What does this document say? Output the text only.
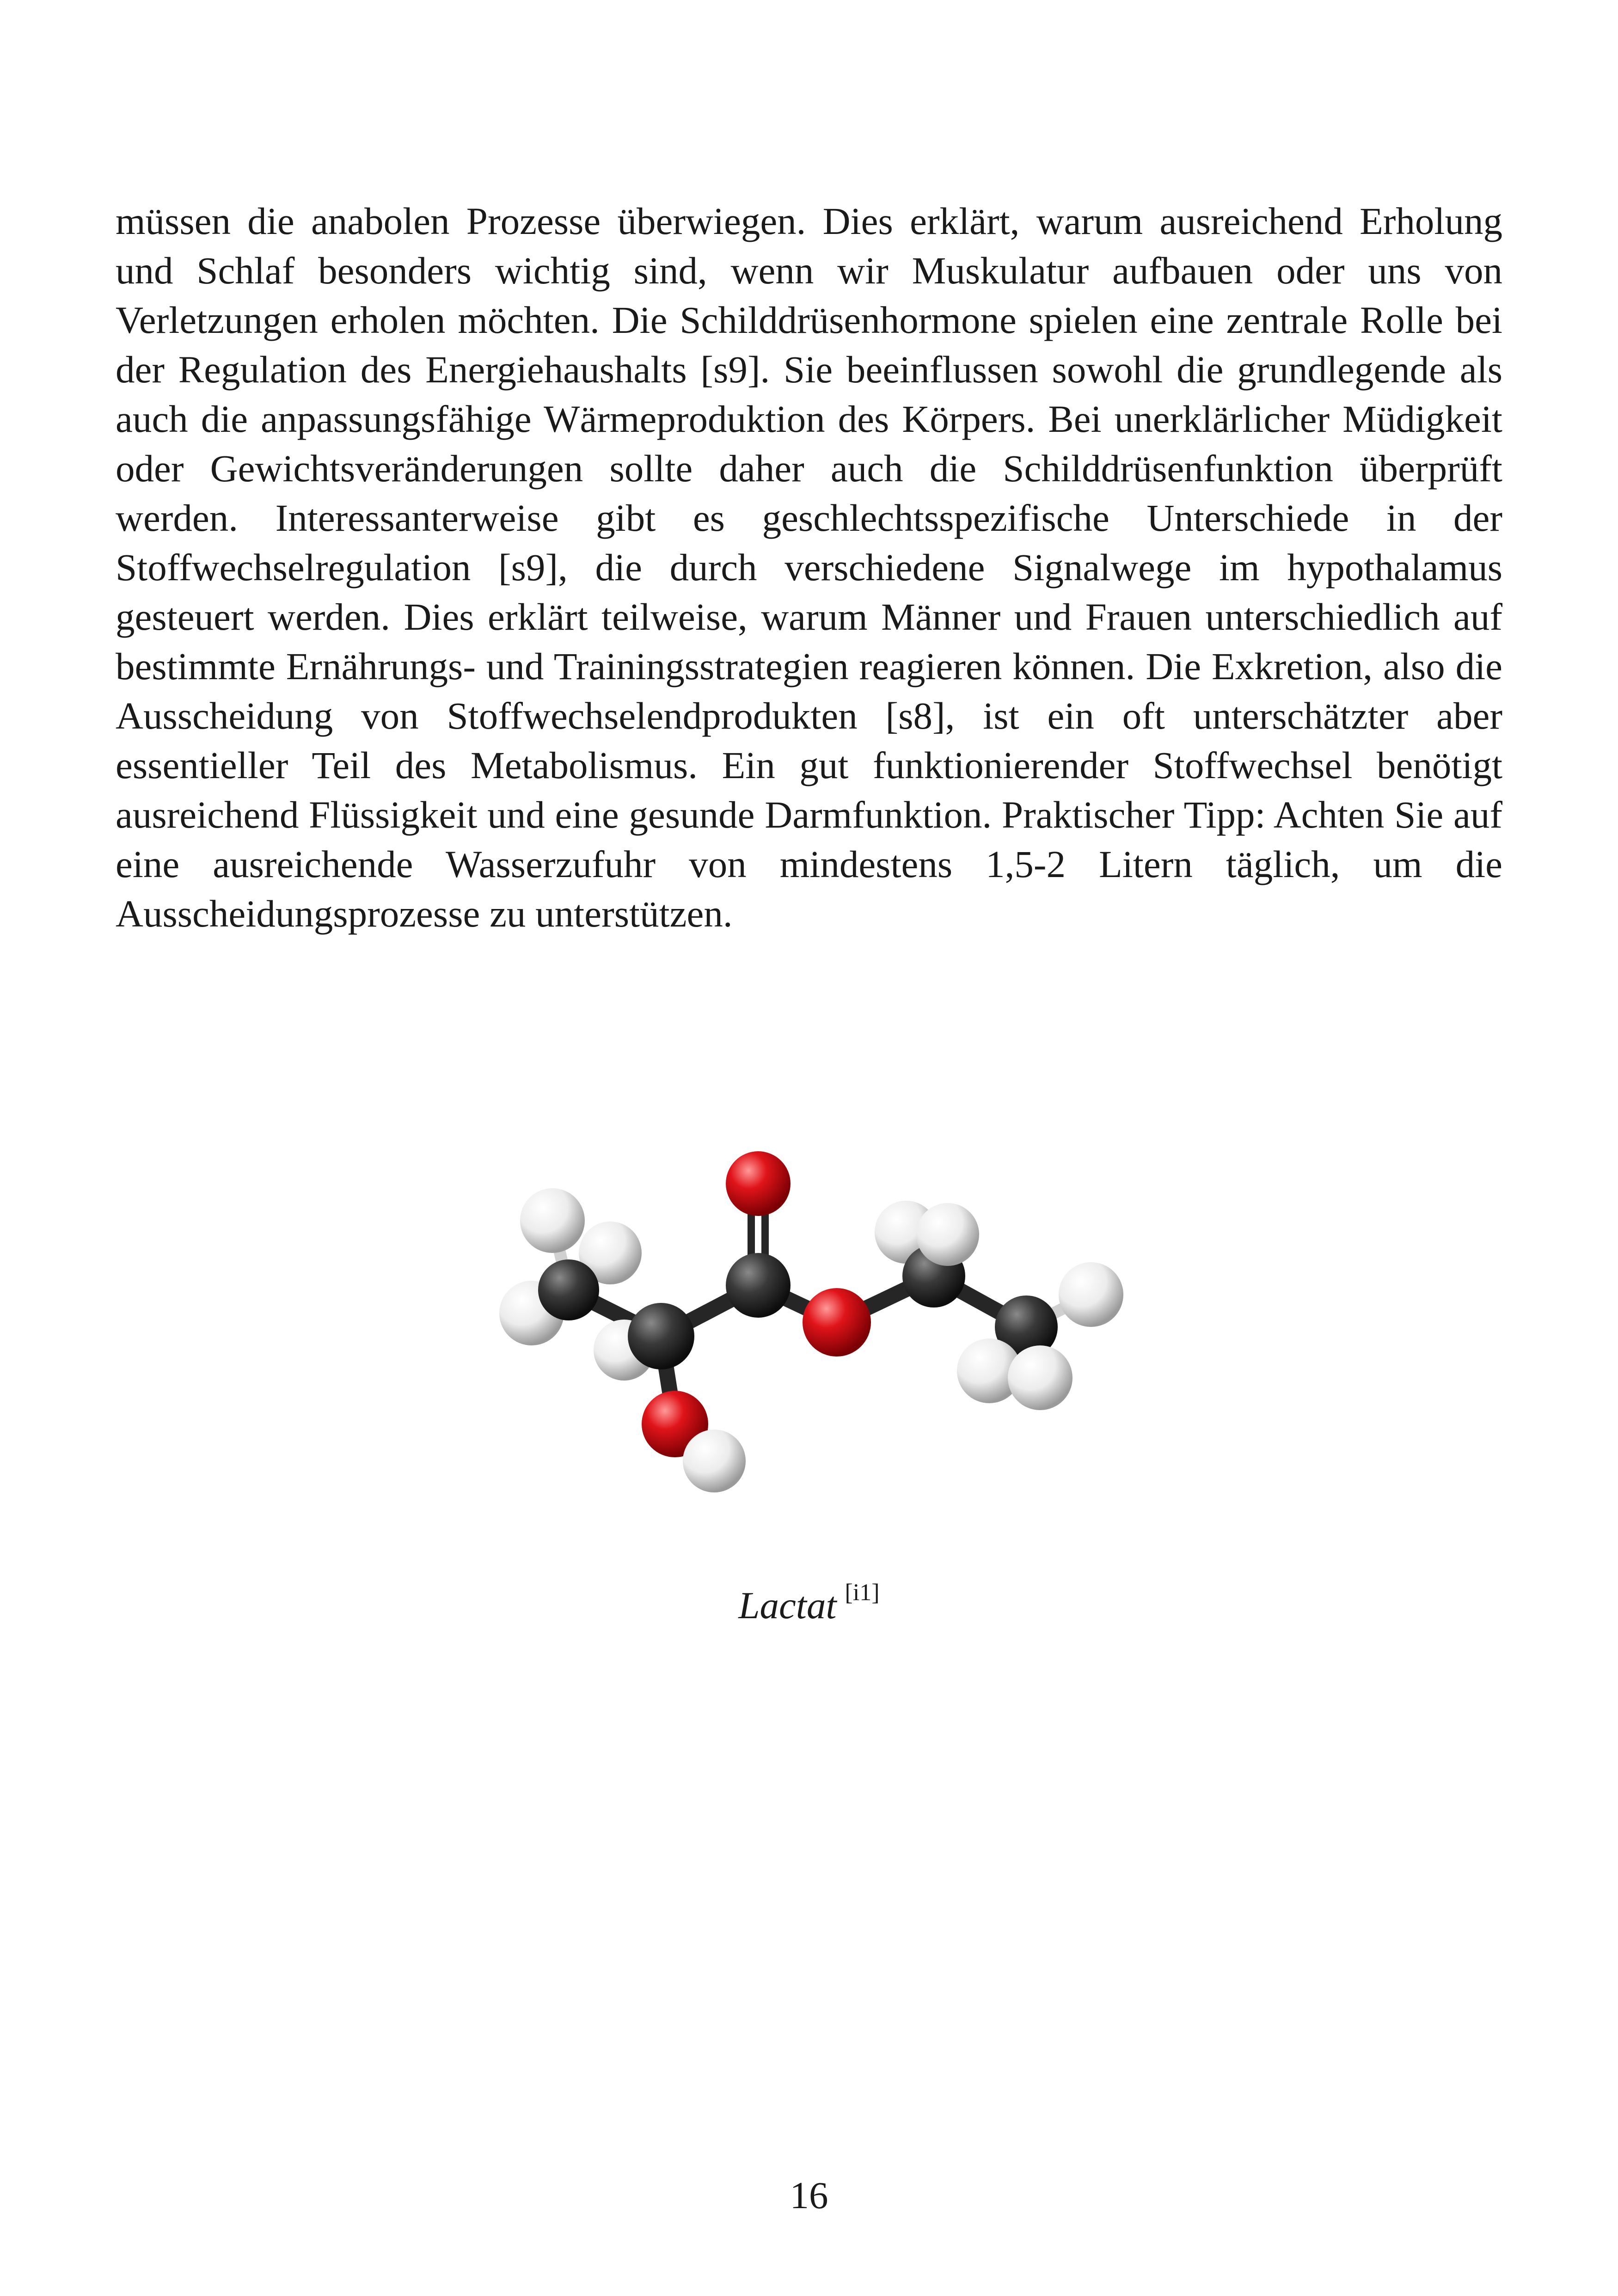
müssen die anabolen Prozesse überwiegen. Dies erklärt, warum ausreichend Erholung und Schlaf besonders wichtig sind, wenn wir Muskulatur aufbauen oder uns von Verletzungen erholen möchten. Die Schilddrüsenhormone spielen eine zentrale Rolle bei der Regulation des Energiehaushalts [s9]. Sie beeinflussen sowohl die grundlegende als auch die anpassungsfähige Wärmeproduktion des Körpers. Bei unerklärlicher Müdigkeit oder Gewichtsveränderungen sollte daher auch die Schilddrüsenfunktion überprüft werden. Interessanterweise gibt es geschlechtsspezifische Unterschiede in der Stoffwechselregulation [s9], die durch verschiedene Signalwege im hypothalamus gesteuert werden. Dies erklärt teilweise, warum Männer und Frauen unterschiedlich auf bestimmte Ernährungs- und Trainingsstrategien reagieren können. Die Exkretion, also die Ausscheidung von Stoffwechselendprodukten [s8], ist ein oft unterschätzter aber essentieller Teil des Metabolismus. Ein gut funktionierender Stoffwechsel benötigt ausreichend Flüssigkeit und eine gesunde Darmfunktion. Praktischer Tipp: Achten Sie auf eine ausreichende Wasserzufuhr von mindestens 1,5-2 Litern täglich, um die Ausscheidungsprozesse zu unterstützen.

Lactat [i1]
16
